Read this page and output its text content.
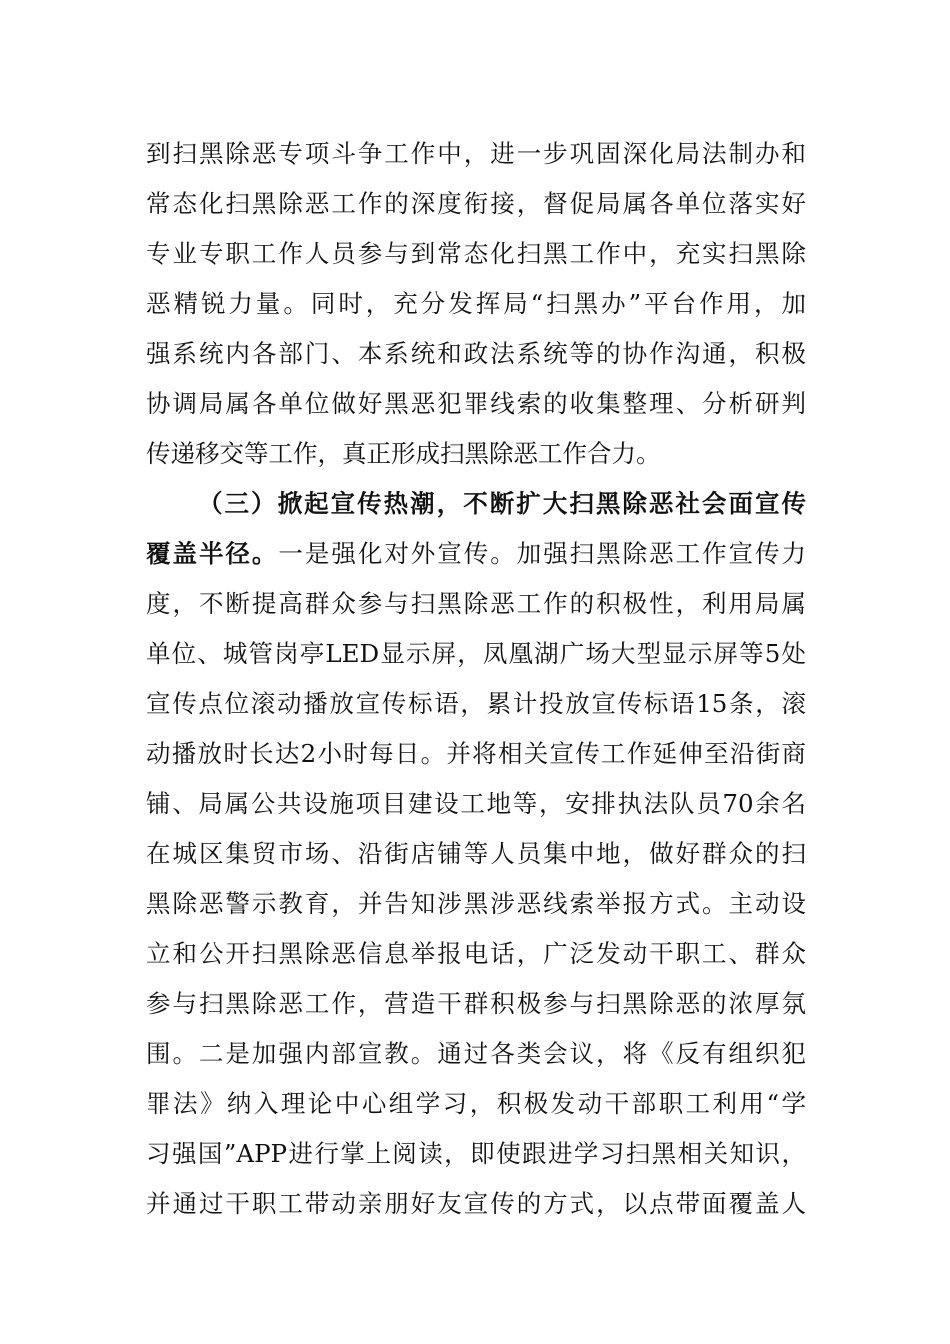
到扫黑除恶专项斗争工作中，进一步巩固深化局法制办和
常态化扫黑除恶工作的深度衔接，督促局属各单位落实好
专业专职工作人员参与到常态化扫黑工作中，充实扫黑除
恶精锐力量。同时，充分发挥局“扫黑办”平台作用，加
强系统内各部门、本系统和政法系统等的协作沟通，积极
协调局属各单位做好黑恶犯罪线索的收集整理、分析研判
传递移交等工作，真正形成扫黑除恶工作合力。
（三）掀起宣传热潮，不断扩大扫黑除恶社会面宣传
覆盖半径。一是强化对外宣传。加强扫黑除恶工作宣传力
度，不断提高群众参与扫黑除恶工作的积极性，利用局属
单位、城管岗亭LED显示屏，凤凰湖广场大型显示屏等5处
宣传点位滚动播放宣传标语，累计投放宣传标语15条，滚
动播放时长达2小时每日。并将相关宣传工作延伸至沿街商
铺、局属公共设施项目建设工地等，安排执法队员70余名
在城区集贸市场、沿街店铺等人员集中地，做好群众的扫
黑除恶警示教育，并告知涉黑涉恶线索举报方式。主动设
立和公开扫黑除恶信息举报电话，广泛发动干职工、群众
参与扫黑除恶工作，营造干群积极参与扫黑除恶的浓厚氛
围。二是加强内部宣教。通过各类会议，将《反有组织犯
罪法》纳入理论中心组学习，积极发动干部职工利用“学
习强国”APP进行掌上阅读，即使跟进学习扫黑相关知识，
并通过干职工带动亲朋好友宣传的方式，以点带面覆盖人
